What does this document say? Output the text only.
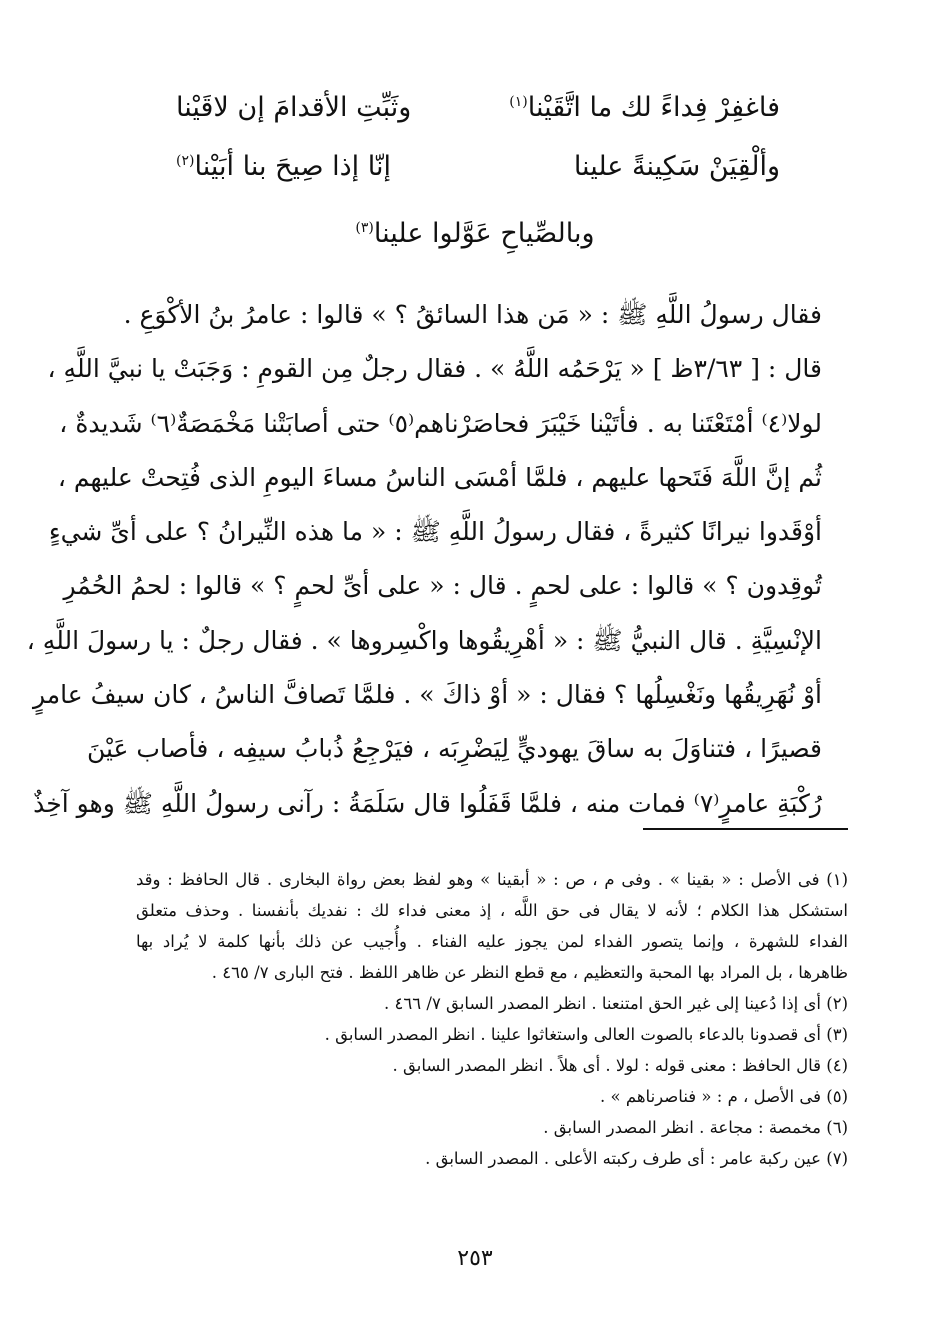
فاغفِرْ فِداءً لك ما اتَّقَيْنا$^{(١)}$
وثَبِّتِ الأقدامَ إن لاقَيْنا
وألْقِيَنْ سَكِينةً علينا
إنّا إذا صِيحَ بنا أبَيْنا$^{(٢)}$
وبالصِّياحِ عَوَّلوا علينا$^{(٣)}$
فقال رسولُ اللَّهِ ﷺ : « مَن هذا السائقُ ؟ » قالوا : عامرُ بنُ الأكْوَعِ .
قال : [ ٣/٦٣ظ ] « يَرْحَمُه اللَّهُ » . فقال رجلٌ مِن القومِ : وَجَبَتْ يا نبيَّ اللَّهِ ،
لولا⁽٤⁾ أمْتَعْتَنا به . فأتَيْنا خَيْبَرَ فحاصَرْناهم⁽٥⁾ حتى أصابَتْنا مَخْمَصَةٌ⁽٦⁾ شَديدةٌ ،
ثُم إنَّ اللَّهَ فَتَحها عليهم ، فلمَّا أمْسَى الناسُ مساءَ اليومِ الذى فُتِحتْ عليهم ،
أوْقَدوا نيرانًا كثيرةً ، فقال رسولُ اللَّهِ ﷺ : « ما هذه النِّيرانُ ؟ على أىِّ شيءٍ
تُوقِدون ؟ » قالوا : على لحمٍ . قال : « على أىِّ لحمٍ ؟ » قالوا : لحمُ الحُمُرِ
الإنْسِيَّةِ . قال النبيُّ ﷺ : « أهْرِيقُوها واكْسِروها » . فقال رجلٌ : يا رسولَ اللَّهِ ،
أوْ نُهَرِيقُها ونَغْسِلُها ؟ فقال : « أوْ ذاكَ » . فلمَّا تَصافَّ الناسُ ، كان سيفُ عامرٍ
قصيرًا ، فتناوَلَ به ساقَ يهوديٍّ لِيَضْرِبَه ، فيَرْجِعُ ذُبابُ سيفِه ، فأصاب عَيْنَ
رُكْبَةِ عامرٍ⁽٧⁾ فمات منه ، فلمَّا قَفَلُوا قال سَلَمَةُ : رآنى رسولُ اللَّهِ ﷺ وهو آخِذٌ
(١) فى الأصل : « بقينا » . وفى م ، ص : « أبقينا » وهو لفظ بعض رواة البخارى . قال الحافظ : وقد
استشكل هذا الكلام ؛ لأنه لا يقال فى حق اللَّه ، إذ معنى فداء لك : نفديك بأنفسنا . وحذف متعلق
الفداء للشهرة ، وإنما يتصور الفداء لمن يجوز عليه الفناء . وأُجيب عن ذلك بأنها كلمة لا يُراد بها
ظاهرها ، بل المراد بها المحبة والتعظيم ، مع قطع النظر عن ظاهر اللفظ . فتح البارى ٧/ ٤٦٥ .
(٢) أى إذا دُعينا إلى غير الحق امتنعنا . انظر المصدر السابق ٧/ ٤٦٦ .
(٣) أى قصدونا بالدعاء بالصوت العالى واستغاثوا علينا . انظر المصدر السابق .
(٤) قال الحافظ : معنى قوله : لولا . أى هلاً . انظر المصدر السابق .
(٥) فى الأصل ، م : « فناصرناهم » .
(٦) مخمصة : مجاعة . انظر المصدر السابق .
(٧) عين ركبة عامر : أى طرف ركبته الأعلى . المصدر السابق .
٢٥٣
